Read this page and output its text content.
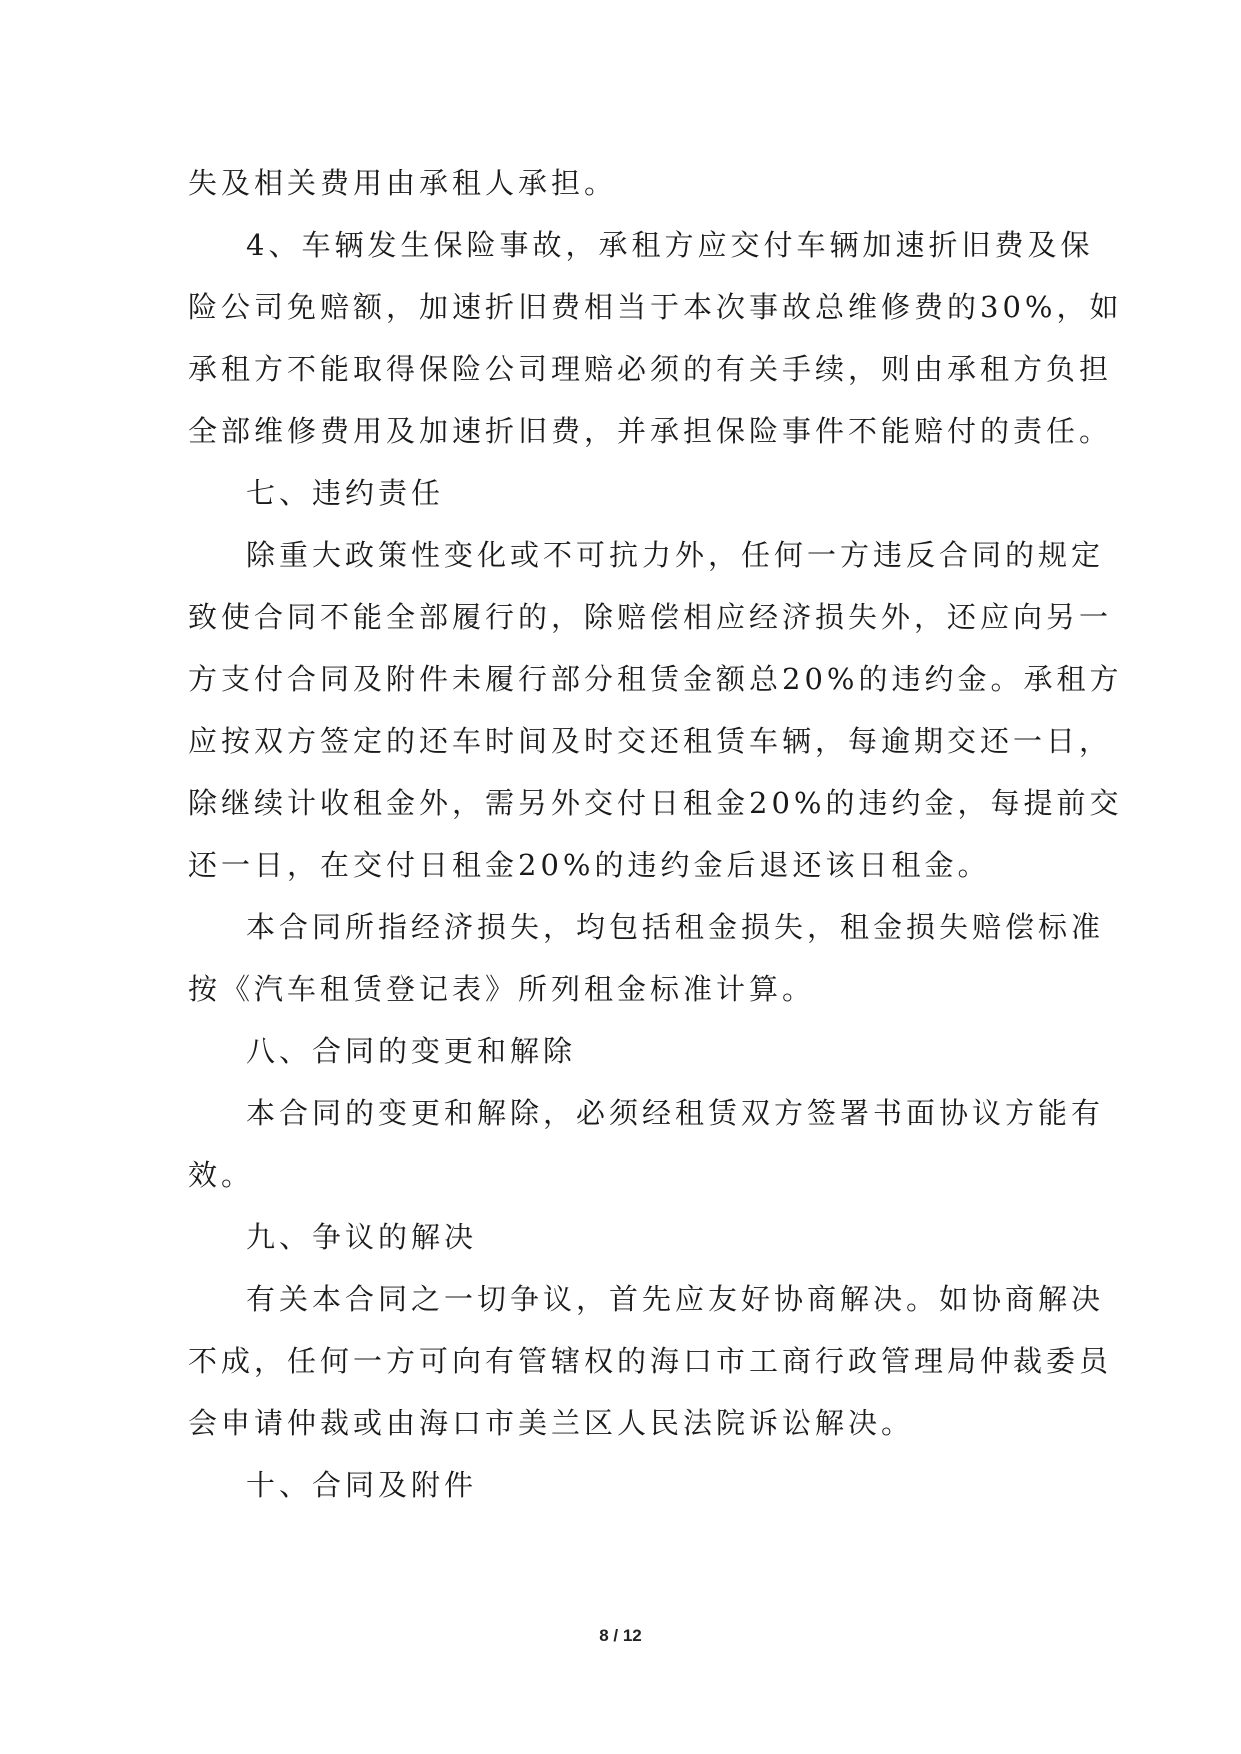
失及相关费用由承租人承担。
4、车辆发生保险事故，承租方应交付车辆加速折旧费及保
险公司免赔额，加速折旧费相当于本次事故总维修费的30%，如
承租方不能取得保险公司理赔必须的有关手续，则由承租方负担
全部维修费用及加速折旧费，并承担保险事件不能赔付的责任。
七、违约责任
除重大政策性变化或不可抗力外，任何一方违反合同的规定
致使合同不能全部履行的，除赔偿相应经济损失外，还应向另一
方支付合同及附件未履行部分租赁金额总20%的违约金。承租方
应按双方签定的还车时间及时交还租赁车辆，每逾期交还一日，
除继续计收租金外，需另外交付日租金20%的违约金，每提前交
还一日，在交付日租金20%的违约金后退还该日租金。
本合同所指经济损失，均包括租金损失，租金损失赔偿标准
按《汽车租赁登记表》所列租金标准计算。
八、合同的变更和解除
本合同的变更和解除，必须经租赁双方签署书面协议方能有
效。
九、争议的解决
有关本合同之一切争议，首先应友好协商解决。如协商解决
不成，任何一方可向有管辖权的海口市工商行政管理局仲裁委员
会申请仲裁或由海口市美兰区人民法院诉讼解决。
十、合同及附件
8 / 12
